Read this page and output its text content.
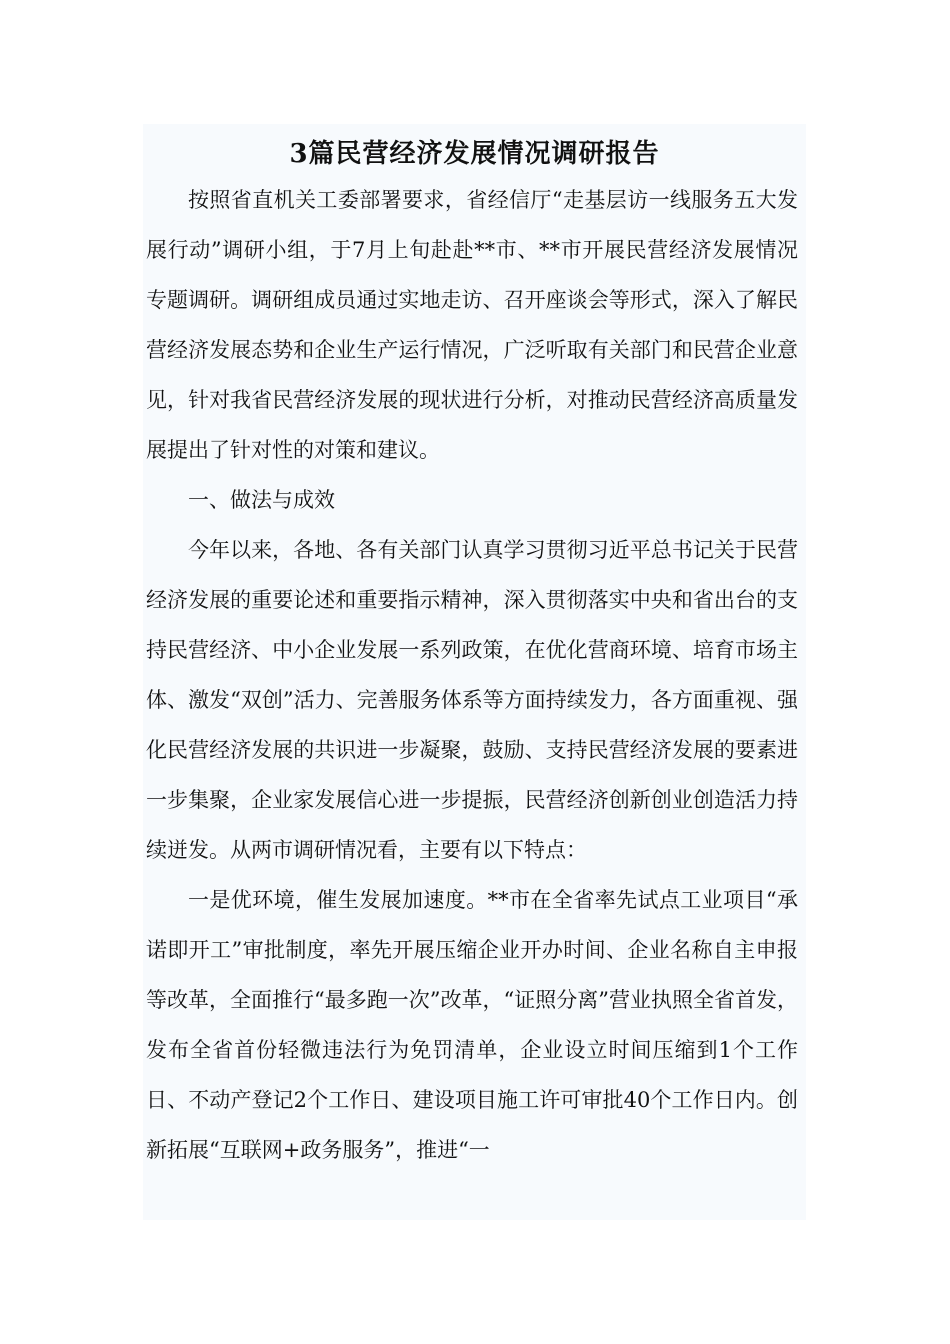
3篇民营经济发展情况调研报告

按照省直机关工委部署要求，省经信厅“走基层访一线服务五大发展行动”调研小组，于7月上旬赴赴**市、**市开展民营经济发展情况专题调研。调研组成员通过实地走访、召开座谈会等形式，深入了解民营经济发展态势和企业生产运行情况，广泛听取有关部门和民营企业意见，针对我省民营经济发展的现状进行分析，对推动民营经济高质量发展提出了针对性的对策和建议。

一、做法与成效

今年以来，各地、各有关部门认真学习贯彻习近平总书记关于民营经济发展的重要论述和重要指示精神，深入贯彻落实中央和省出台的支持民营经济、中小企业发展一系列政策，在优化营商环境、培育市场主体、激发“双创”活力、完善服务体系等方面持续发力，各方面重视、强化民营经济发展的共识进一步凝聚，鼓励、支持民营经济发展的要素进一步集聚，企业家发展信心进一步提振，民营经济创新创业创造活力持续迸发。从两市调研情况看，主要有以下特点：

一是优环境，催生发展加速度。**市在全省率先试点工业项目“承诺即开工”审批制度，率先开展压缩企业开办时间、企业名称自主申报等改革，全面推行“最多跑一次”改革，“证照分离”营业执照全省首发，发布全省首份轻微违法行为免罚清单，企业设立时间压缩到1个工作日、不动产登记2个工作日、建设项目施工许可审批40个工作日内。创新拓展“互联网+政务服务”，推进“一
